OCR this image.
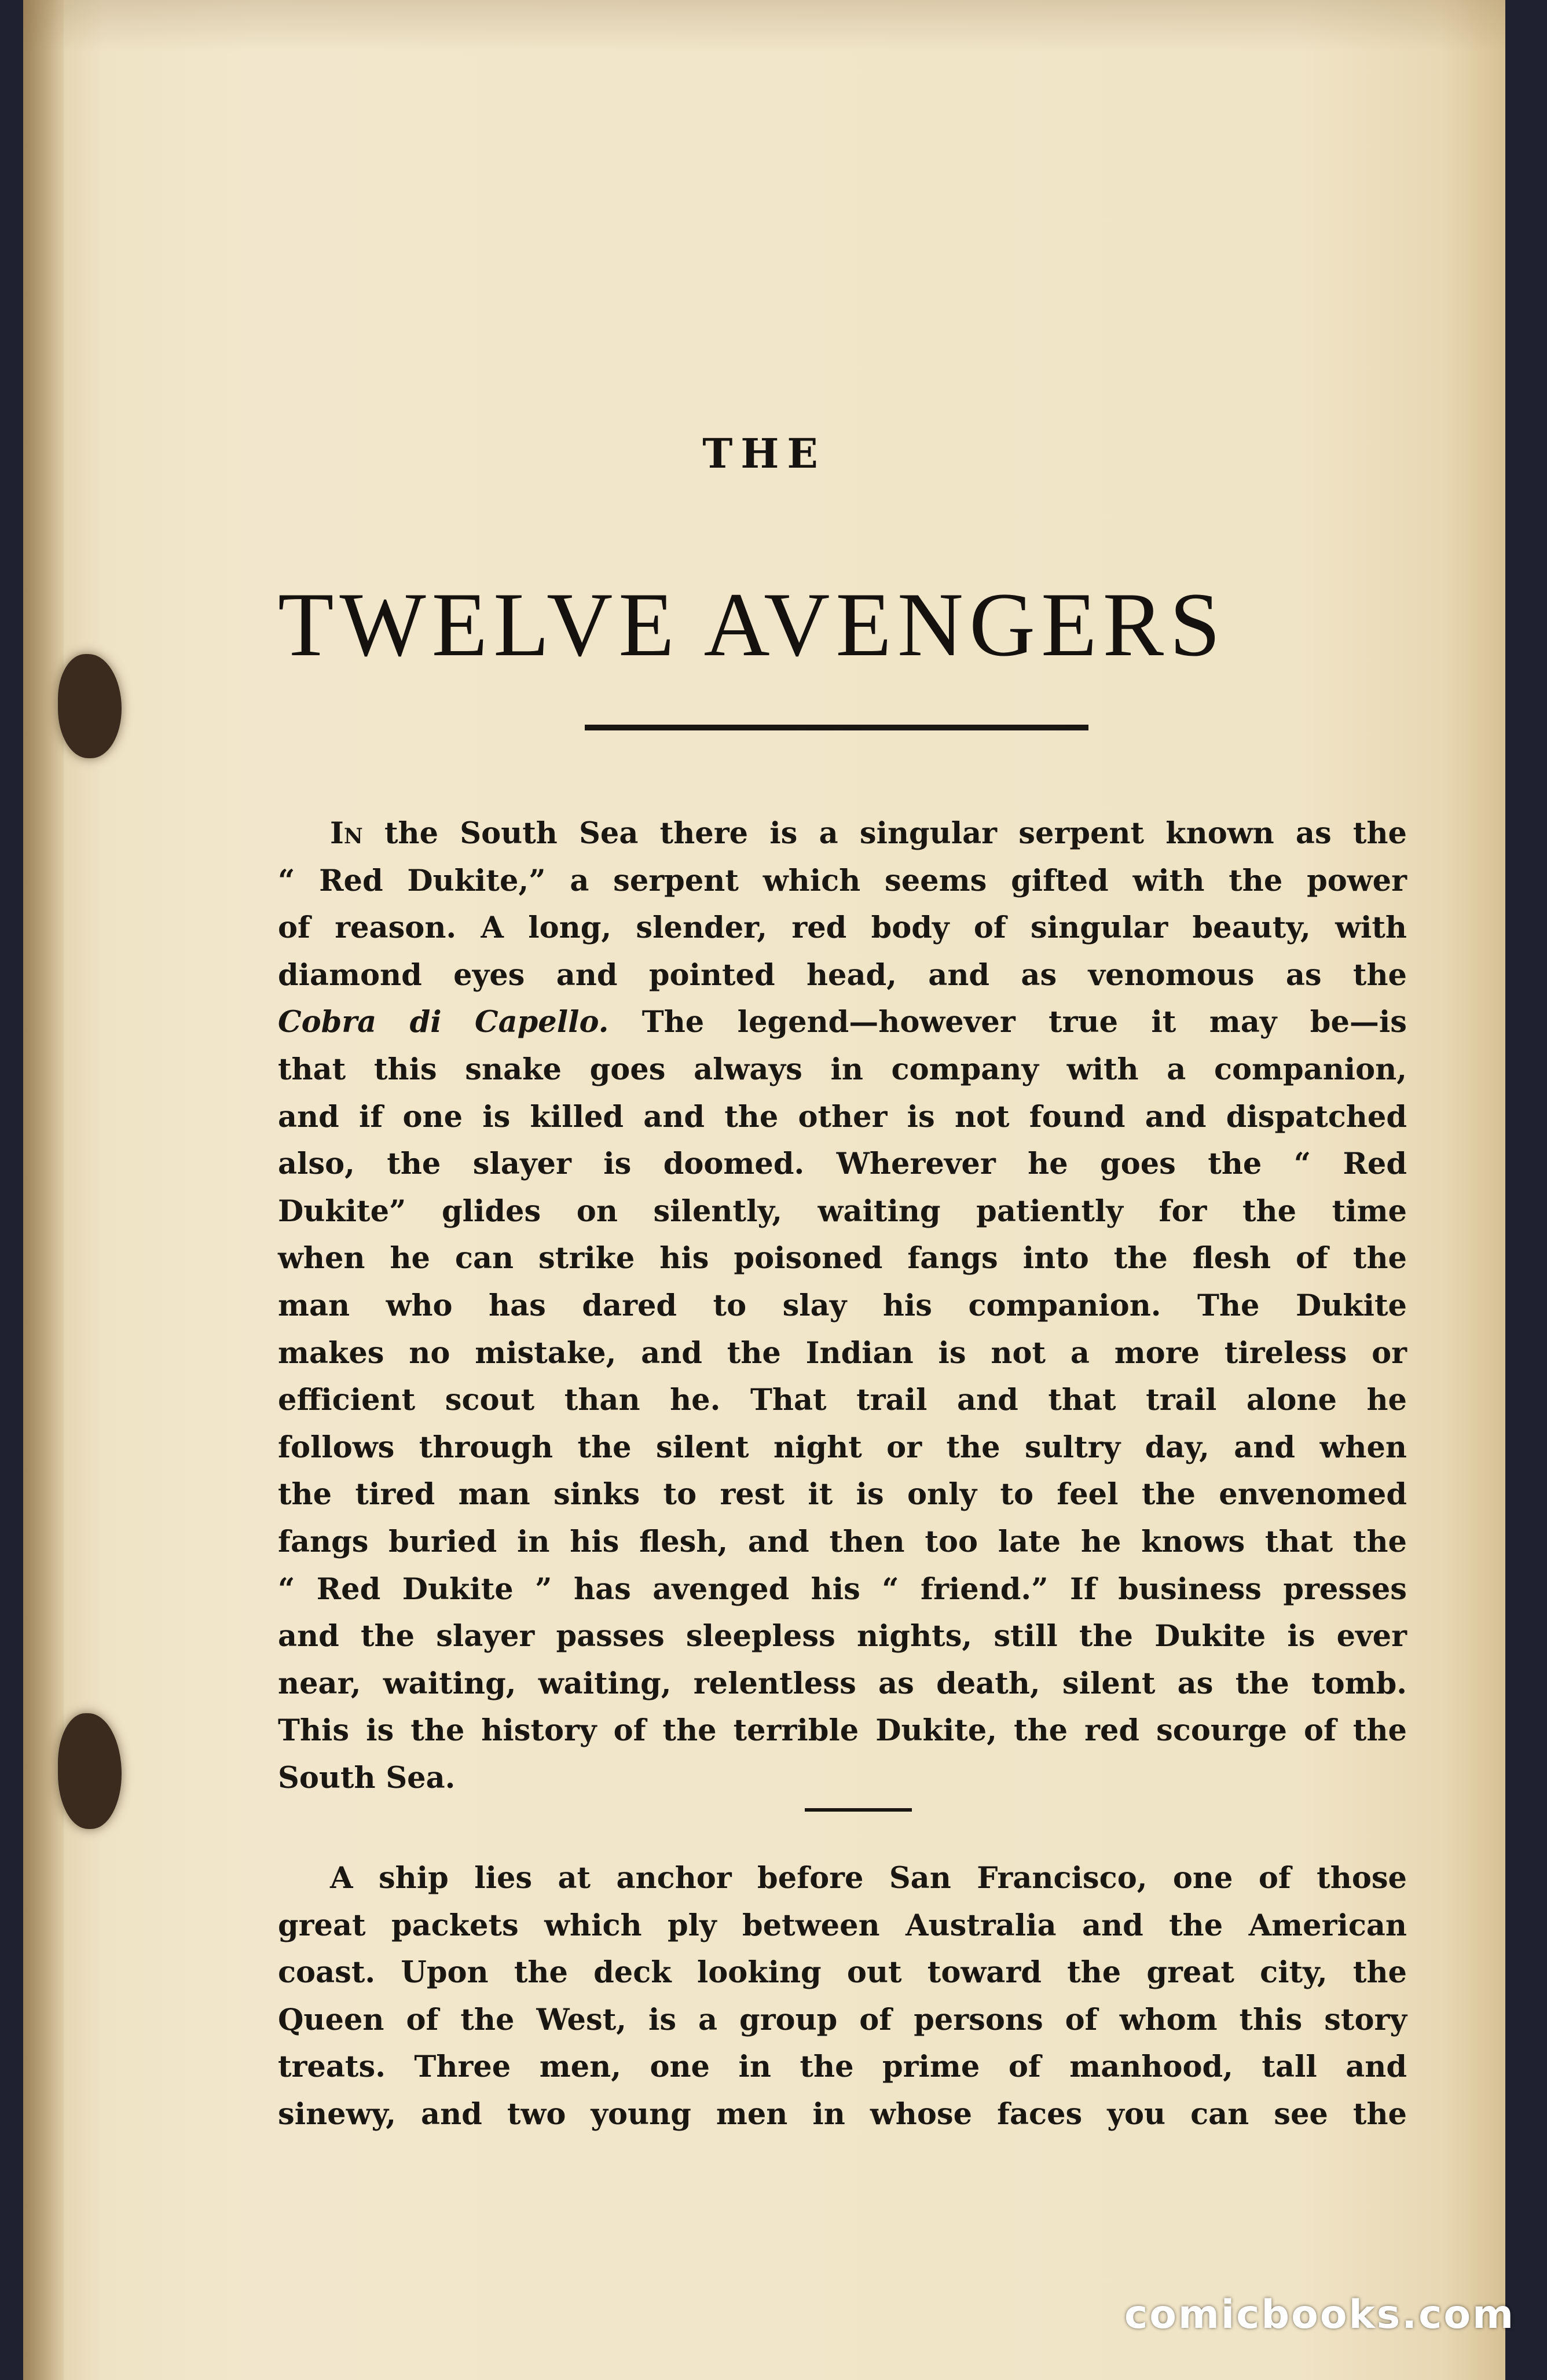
THE
TWELVE AVENGERS
In the South Sea there is a singular serpent known as the
“ Red Dukite,” a serpent which seems gifted with the power
of reason. A long, slender, red body of singular beauty, with
diamond eyes and pointed head, and as venomous as the
Cobra di Capello. The legend—however true it may be—is
that this snake goes always in company with a companion,
and if one is killed and the other is not found and dispatched
also, the slayer is doomed. Wherever he goes the “ Red
Dukite” glides on silently, waiting patiently for the time
when he can strike his poisoned fangs into the flesh of the
man who has dared to slay his companion. The Dukite
makes no mistake, and the Indian is not a more tireless or
efficient scout than he. That trail and that trail alone he
follows through the silent night or the sultry day, and when
the tired man sinks to rest it is only to feel the envenomed
fangs buried in his flesh, and then too late he knows that the
“ Red Dukite ” has avenged his “ friend.” If business presses
and the slayer passes sleepless nights, still the Dukite is ever
near, waiting, waiting, relentless as death, silent as the tomb.
This is the history of the terrible Dukite, the red scourge of the
South Sea.
A ship lies at anchor before San Francisco, one of those
great packets which ply between Australia and the American
coast. Upon the deck looking out toward the great city, the
Queen of the West, is a group of persons of whom this story
treats. Three men, one in the prime of manhood, tall and
sinewy, and two young men in whose faces you can see the
comicbooks.com
